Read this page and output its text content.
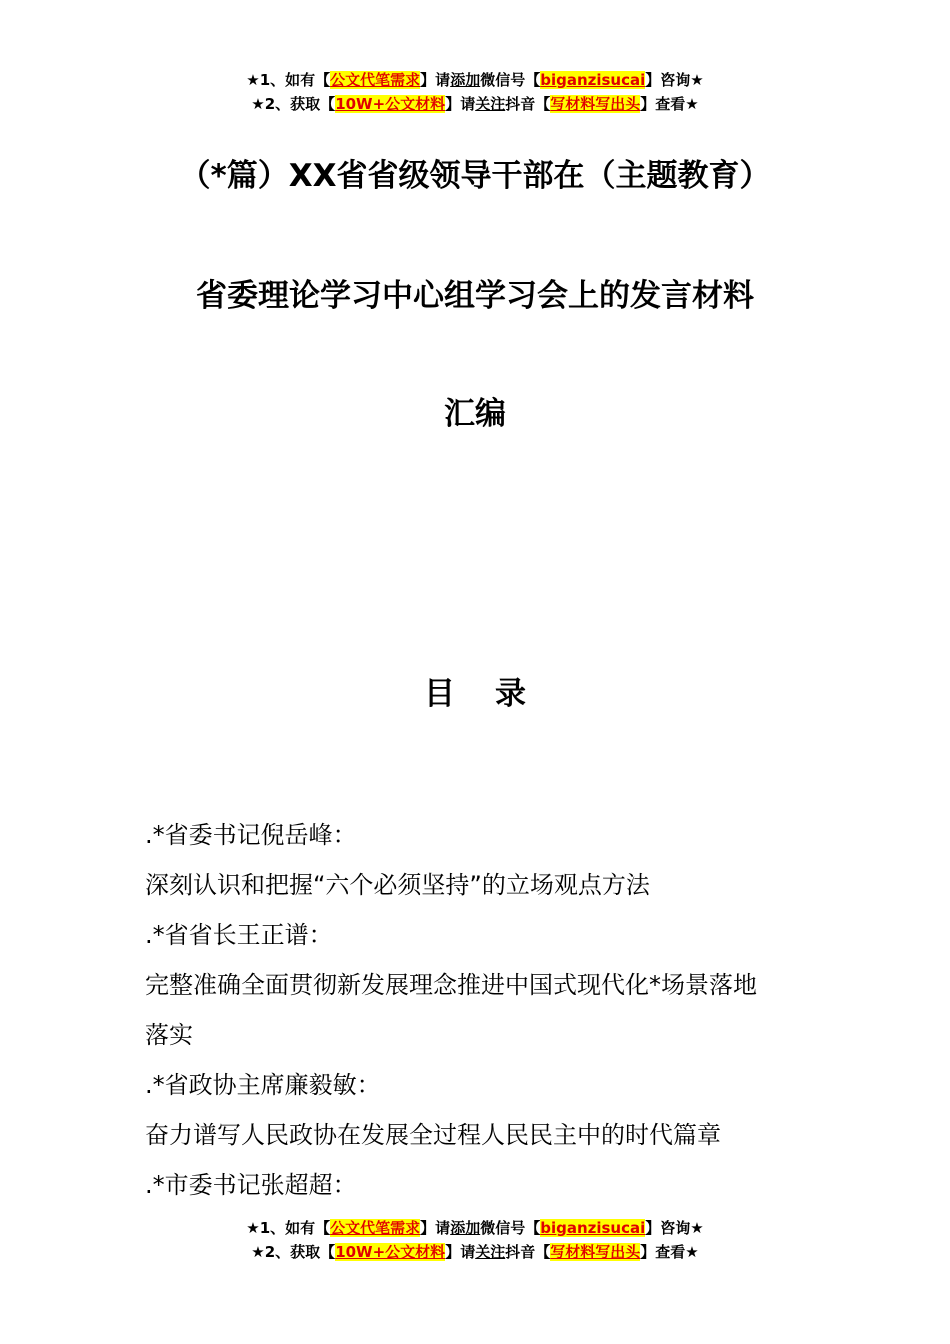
★1、如有【公文代笔需求】请添加微信号【biganzisucai】咨询★
★2、获取【10W+公文材料】请关注抖音【写材料写出头】查看★
（*篇）XX省省级领导干部在（主题教育）
省委理论学习中心组学习会上的发言材料
汇编
目录
.*省委书记倪岳峰：
深刻认识和把握“六个必须坚持”的立场观点方法
.*省省长王正谱：
完整准确全面贯彻新发展理念推进中国式现代化*场景落地
落实
.*省政协主席廉毅敏：
奋力谱写人民政协在发展全过程人民民主中的时代篇章
.*市委书记张超超：
★1、如有【公文代笔需求】请添加微信号【biganzisucai】咨询★
★2、获取【10W+公文材料】请关注抖音【写材料写出头】查看★
